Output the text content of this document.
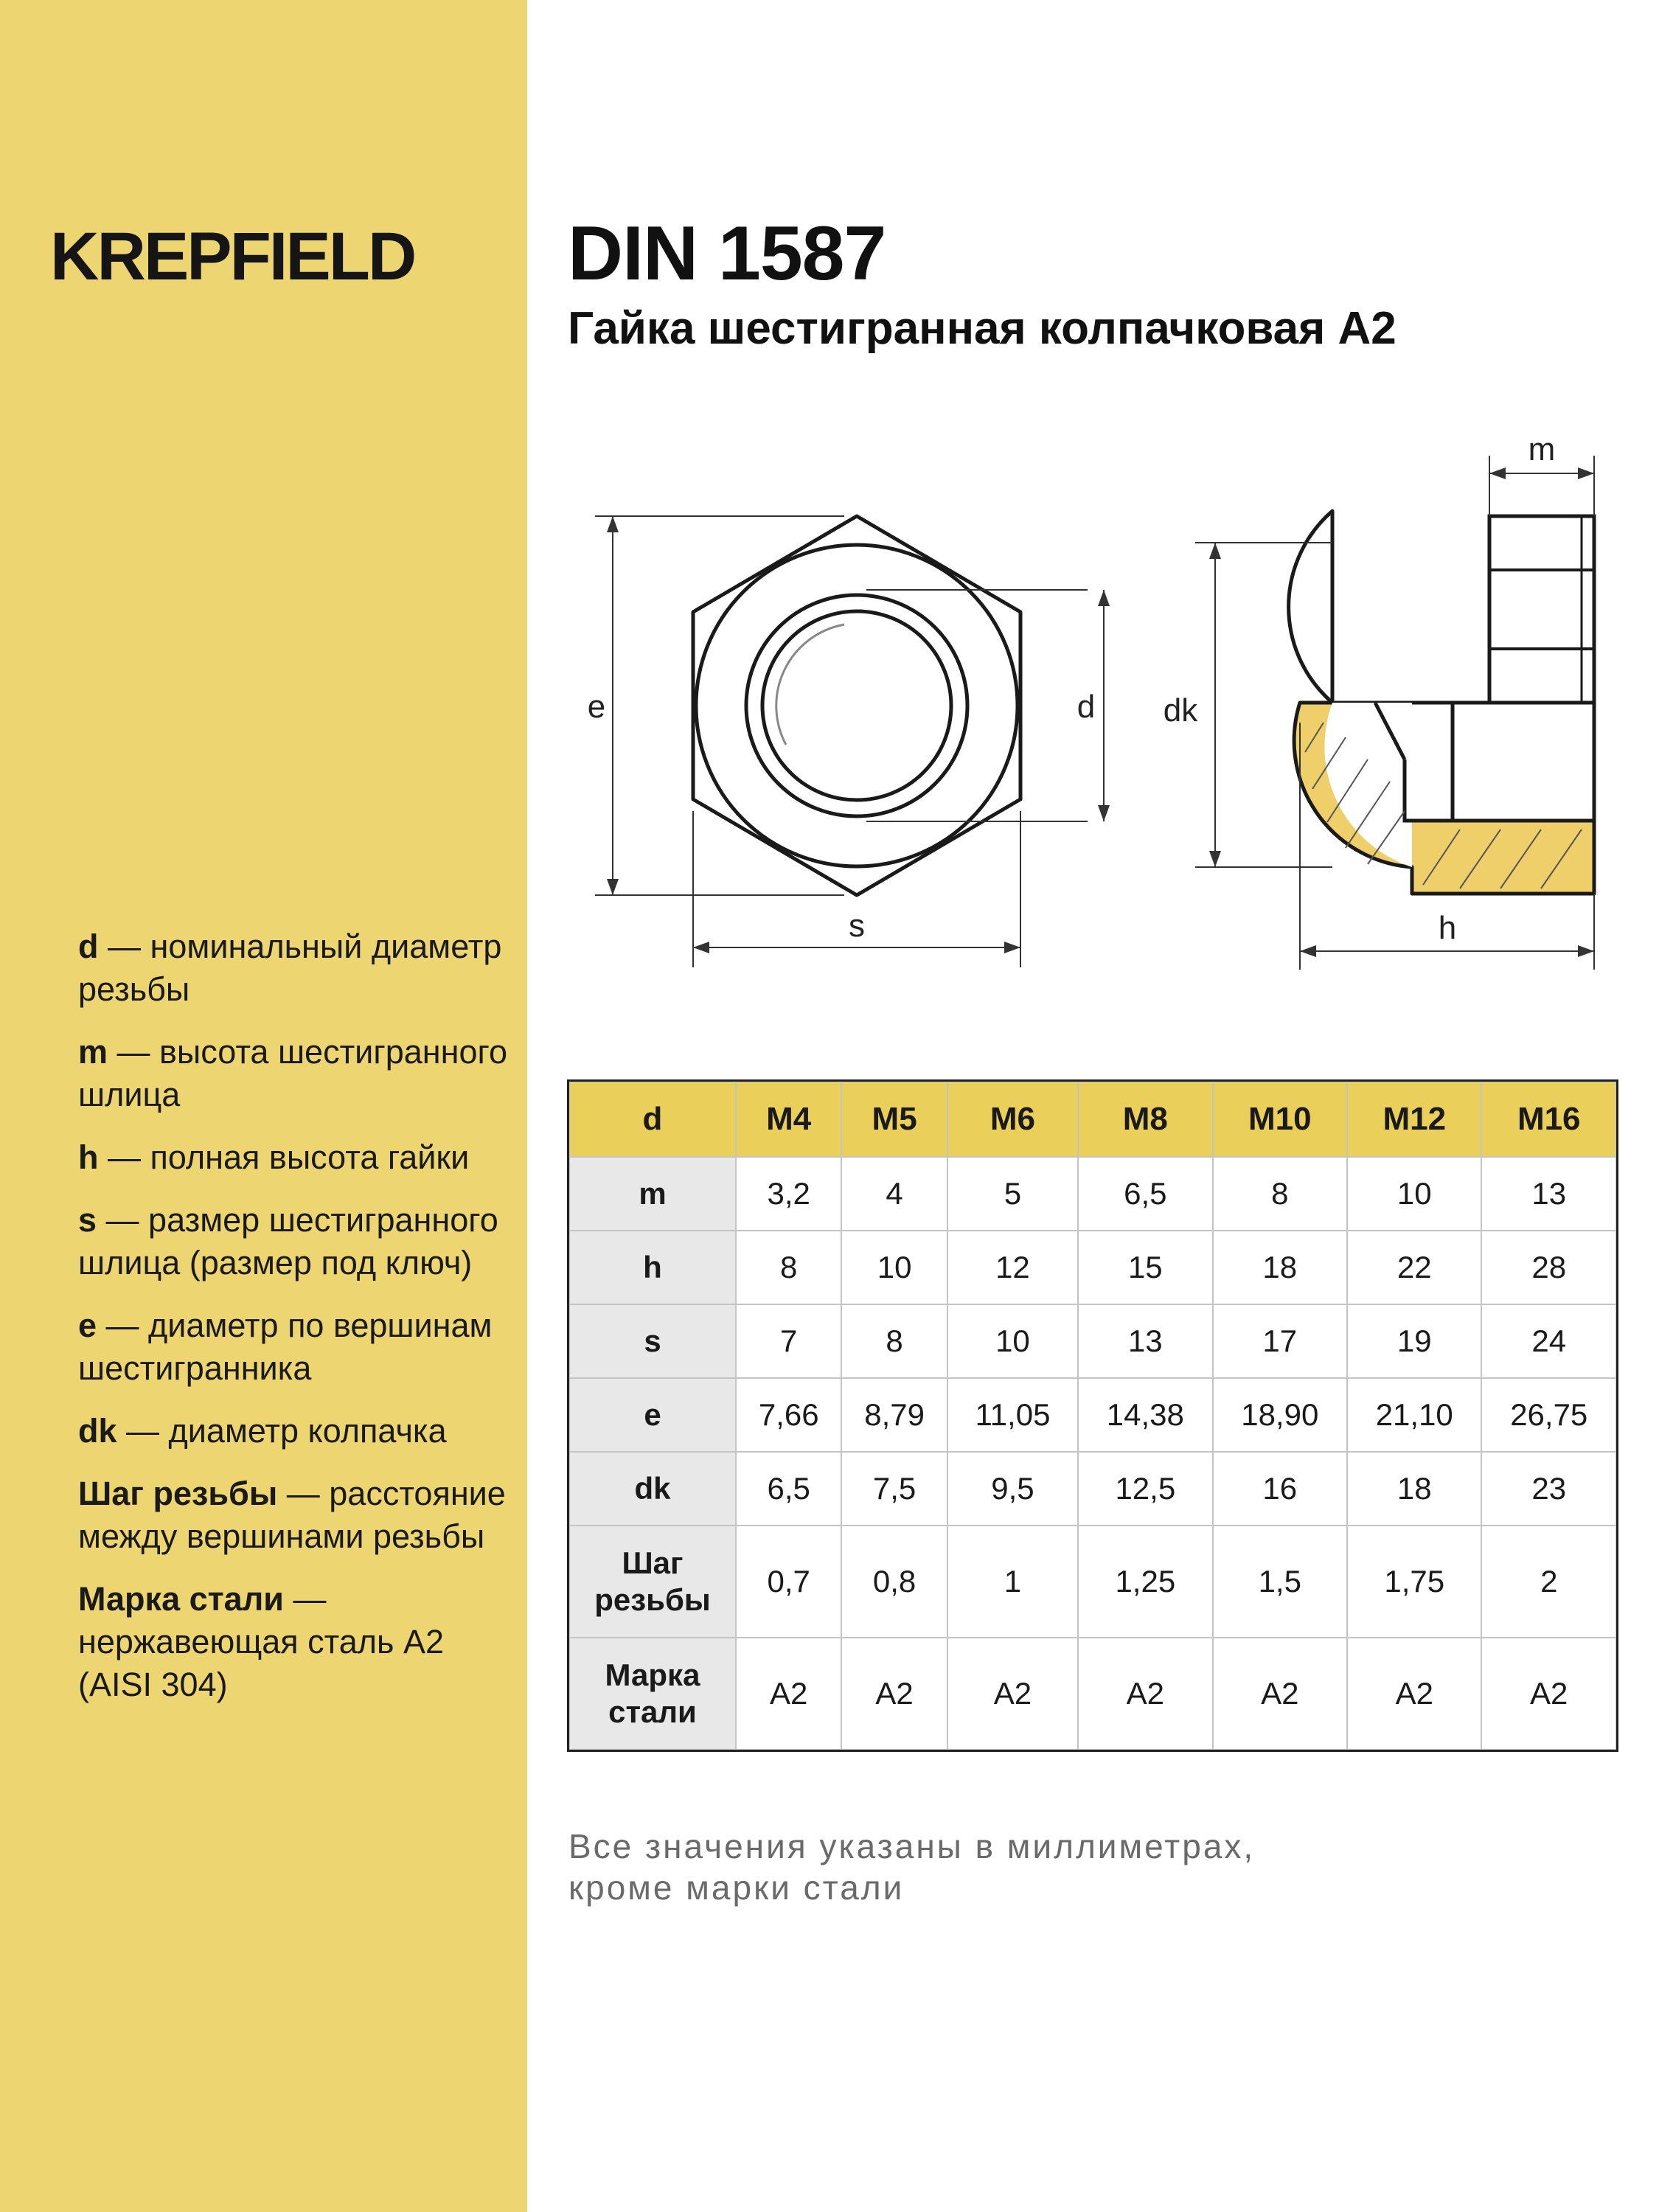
KREPFIELD
d — номинальный диаметр резьбы
m — высота шестигранного шлица
h — полная высота гайки
s — размер шестигранного шлица (размер под ключ)
e — диаметр по вершинам шестигранника
dk — диаметр колпачка
Шаг резьбы — расстояние между вершинами резьбы
Марка стали — нержавеющая сталь A2 (AISI 304)
DIN 1587
Гайка шестигранная колпачковая А2
e	d
s
dk
m
h
d	M4	M5	M6	M8	M10	M12	M16
m	3,2	4	5	6,5	8	10	13
h	8	10	12	15	18	22	28
s	7	8	10	13	17	19	24
e	7,66	8,79	11,05	14,38	18,90	21,10	26,75
dk	6,5	7,5	9,5	12,5	16	18	23
Шаг
резьбы	0,7	0,8	1	1,25	1,5	1,75	2
Марка
стали	A2	A2	A2	A2	A2	A2	A2
Все значения указаны в миллиметрах,
кроме марки стали
